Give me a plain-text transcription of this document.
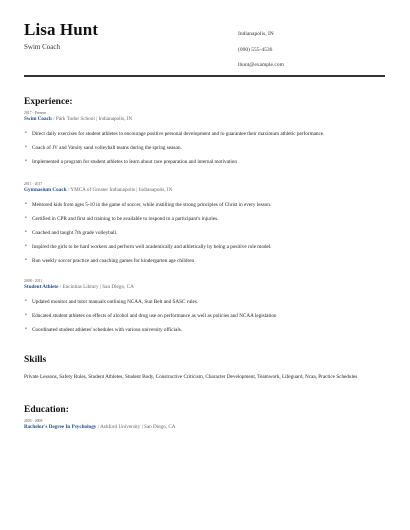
Lisa Hunt
Swim Coach
Indianapolis, IN
(090) 555-4536
lhunt@example.com
Experience:
2017 - Present
Swim Coach / Park Tudor School | Indianapolis, IN
• Direct daily exercises for student athletes to encourage positive personal development and to guarantee their maximum athletic performance.
• Coach of JV and Varsity sand volleyball teams during the spring season.
• Implemented a program for student athletes to learn about race preparation and internal motivation
2011 - 2017
Gymnasium Coach / YMCA of Greater Indianapolis | Indianapolis, IN
• Mentored kids from ages 5-10 in the game of soccer, while instilling the strong principles of Christ in every lesson.
• Certified in CPR and first aid training to be available to respond to a participant's injuries.
• Coached and taught 7th grade volleyball.
• Inspired the girls to be hard workers and perform well academically and athletically by being a positive role model.
• Run weekly soccer practice and coaching games for kindergarten age children
2008 - 2011
Student Athlete / Encinitas Library | San Diego, CA
• Updated monitor and tutor manuals outlining NCAA, Sun Belt and SASC rules.
• Educated student athletes on effects of alcohol and drug use on performance as well as policies and NCAA legislation
• Coordinated student athletes' schedules with various university officials.
Skills
Private Lessons, Safety Rules, Student Athletes, Student Body, Constructive Criticism, Character Development, Teamwork, Lifeguard, Ncaa, Practice Schedules
Education:
2005 - 2008
Bachelor's Degree In Psychology / Ashford University | San Diego, CA
